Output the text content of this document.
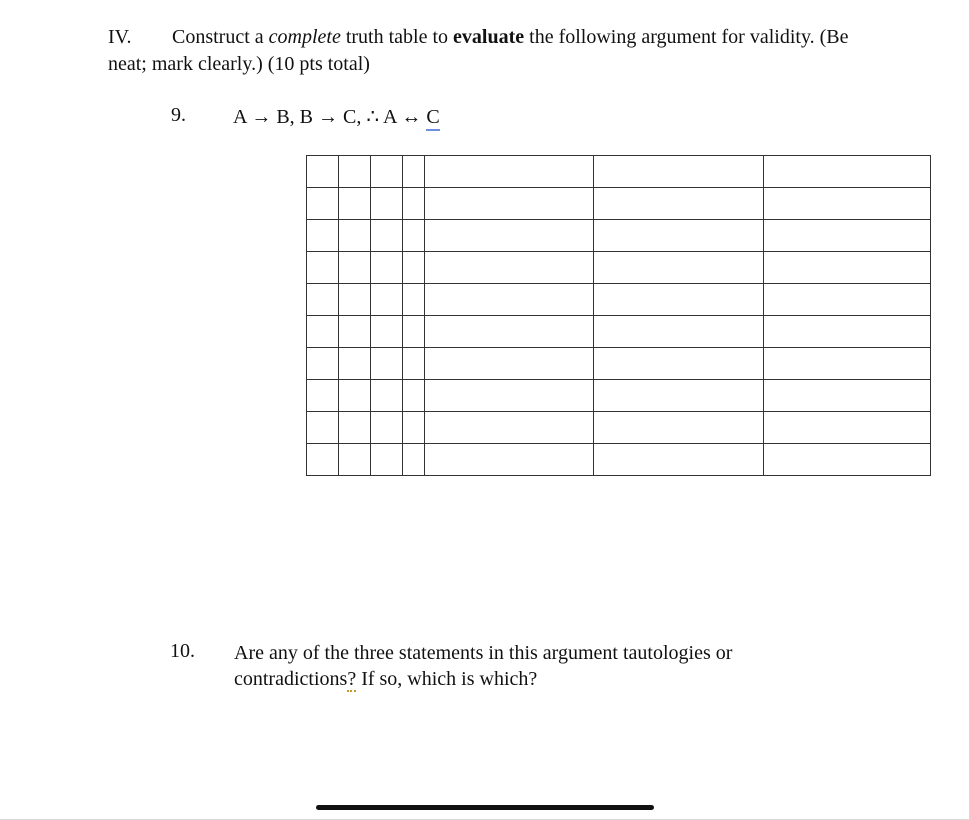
IV. Construct a complete truth table to evaluate the following argument for validity. (Be neat; mark clearly.) (10 pts total)
9. A → B, B → C, ∴ A ↔ C

10. Are any of the three statements in this argument tautologies or
contradictions? If so, which is which?
